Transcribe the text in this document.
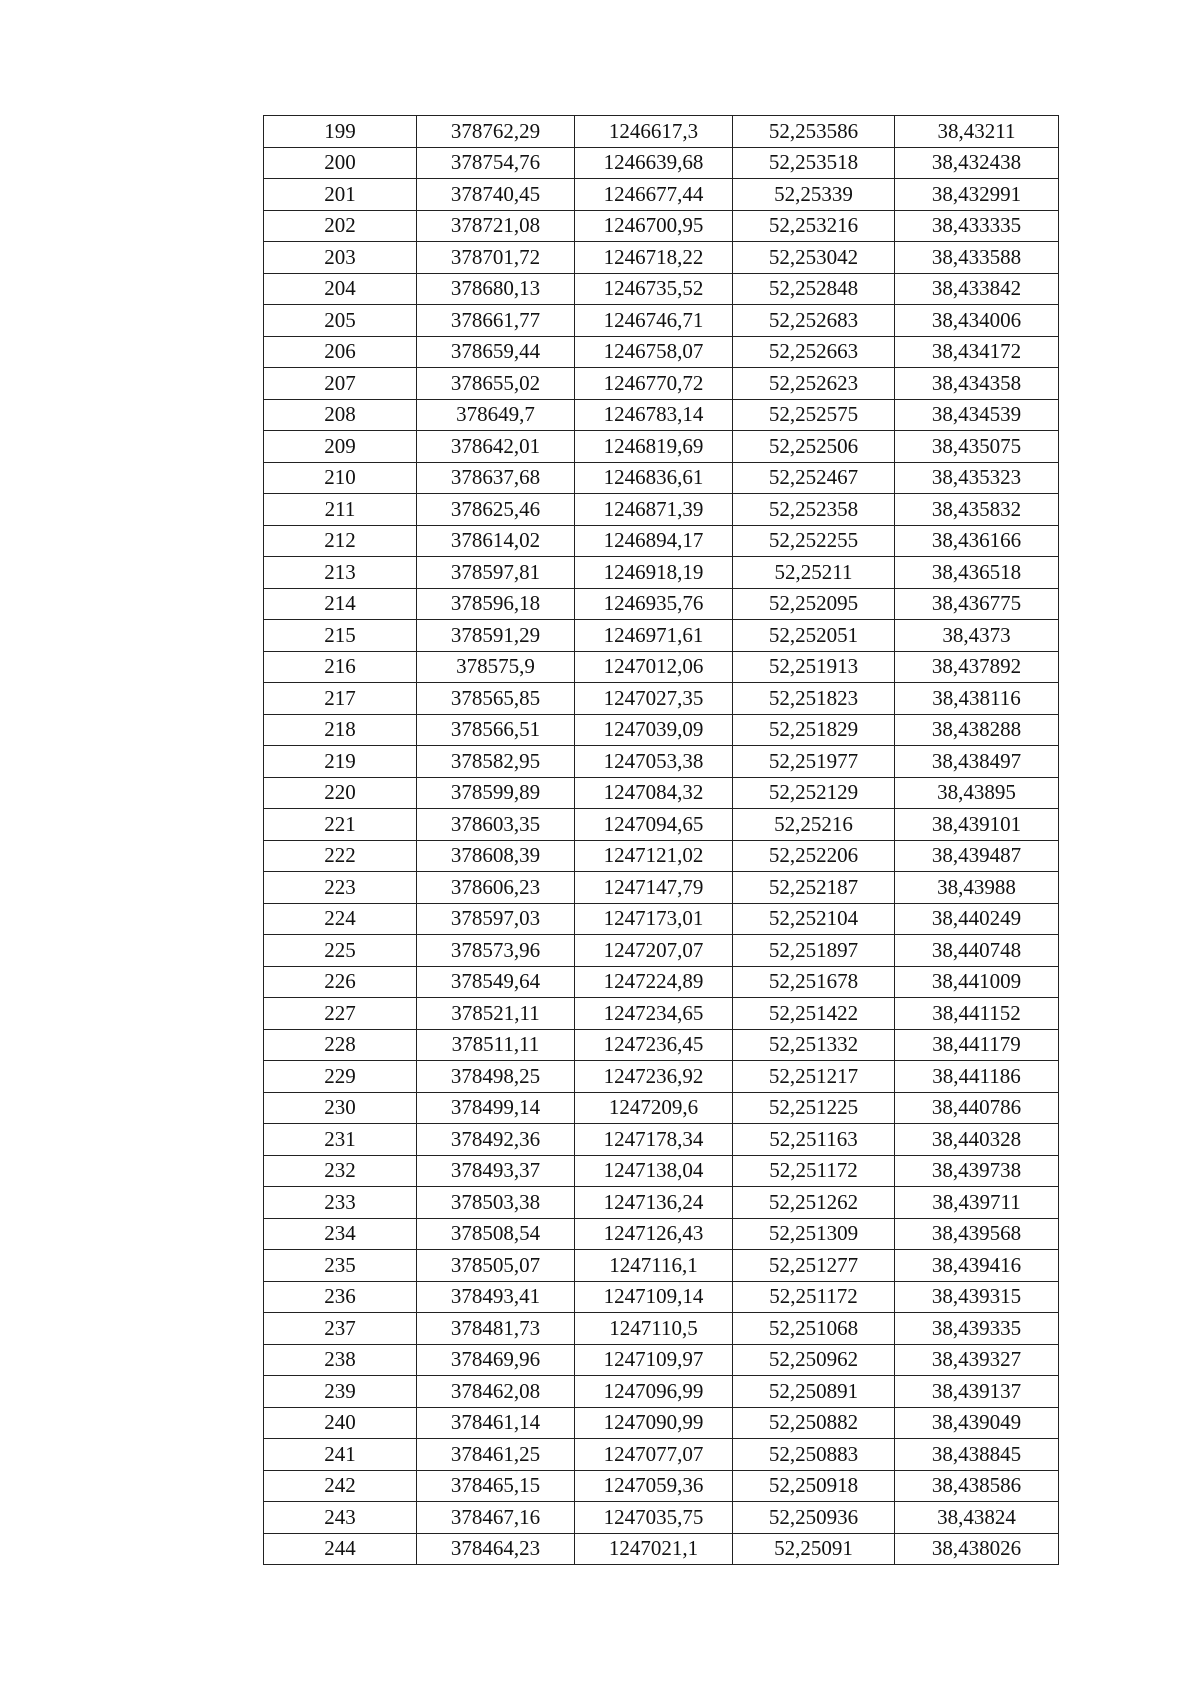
199	378762,29	1246617,3	52,253586	38,43211
200	378754,76	1246639,68	52,253518	38,432438
201	378740,45	1246677,44	52,25339	38,432991
202	378721,08	1246700,95	52,253216	38,433335
203	378701,72	1246718,22	52,253042	38,433588
204	378680,13	1246735,52	52,252848	38,433842
205	378661,77	1246746,71	52,252683	38,434006
206	378659,44	1246758,07	52,252663	38,434172
207	378655,02	1246770,72	52,252623	38,434358
208	378649,7	1246783,14	52,252575	38,434539
209	378642,01	1246819,69	52,252506	38,435075
210	378637,68	1246836,61	52,252467	38,435323
211	378625,46	1246871,39	52,252358	38,435832
212	378614,02	1246894,17	52,252255	38,436166
213	378597,81	1246918,19	52,25211	38,436518
214	378596,18	1246935,76	52,252095	38,436775
215	378591,29	1246971,61	52,252051	38,4373
216	378575,9	1247012,06	52,251913	38,437892
217	378565,85	1247027,35	52,251823	38,438116
218	378566,51	1247039,09	52,251829	38,438288
219	378582,95	1247053,38	52,251977	38,438497
220	378599,89	1247084,32	52,252129	38,43895
221	378603,35	1247094,65	52,25216	38,439101
222	378608,39	1247121,02	52,252206	38,439487
223	378606,23	1247147,79	52,252187	38,43988
224	378597,03	1247173,01	52,252104	38,440249
225	378573,96	1247207,07	52,251897	38,440748
226	378549,64	1247224,89	52,251678	38,441009
227	378521,11	1247234,65	52,251422	38,441152
228	378511,11	1247236,45	52,251332	38,441179
229	378498,25	1247236,92	52,251217	38,441186
230	378499,14	1247209,6	52,251225	38,440786
231	378492,36	1247178,34	52,251163	38,440328
232	378493,37	1247138,04	52,251172	38,439738
233	378503,38	1247136,24	52,251262	38,439711
234	378508,54	1247126,43	52,251309	38,439568
235	378505,07	1247116,1	52,251277	38,439416
236	378493,41	1247109,14	52,251172	38,439315
237	378481,73	1247110,5	52,251068	38,439335
238	378469,96	1247109,97	52,250962	38,439327
239	378462,08	1247096,99	52,250891	38,439137
240	378461,14	1247090,99	52,250882	38,439049
241	378461,25	1247077,07	52,250883	38,438845
242	378465,15	1247059,36	52,250918	38,438586
243	378467,16	1247035,75	52,250936	38,43824
244	378464,23	1247021,1	52,25091	38,438026
